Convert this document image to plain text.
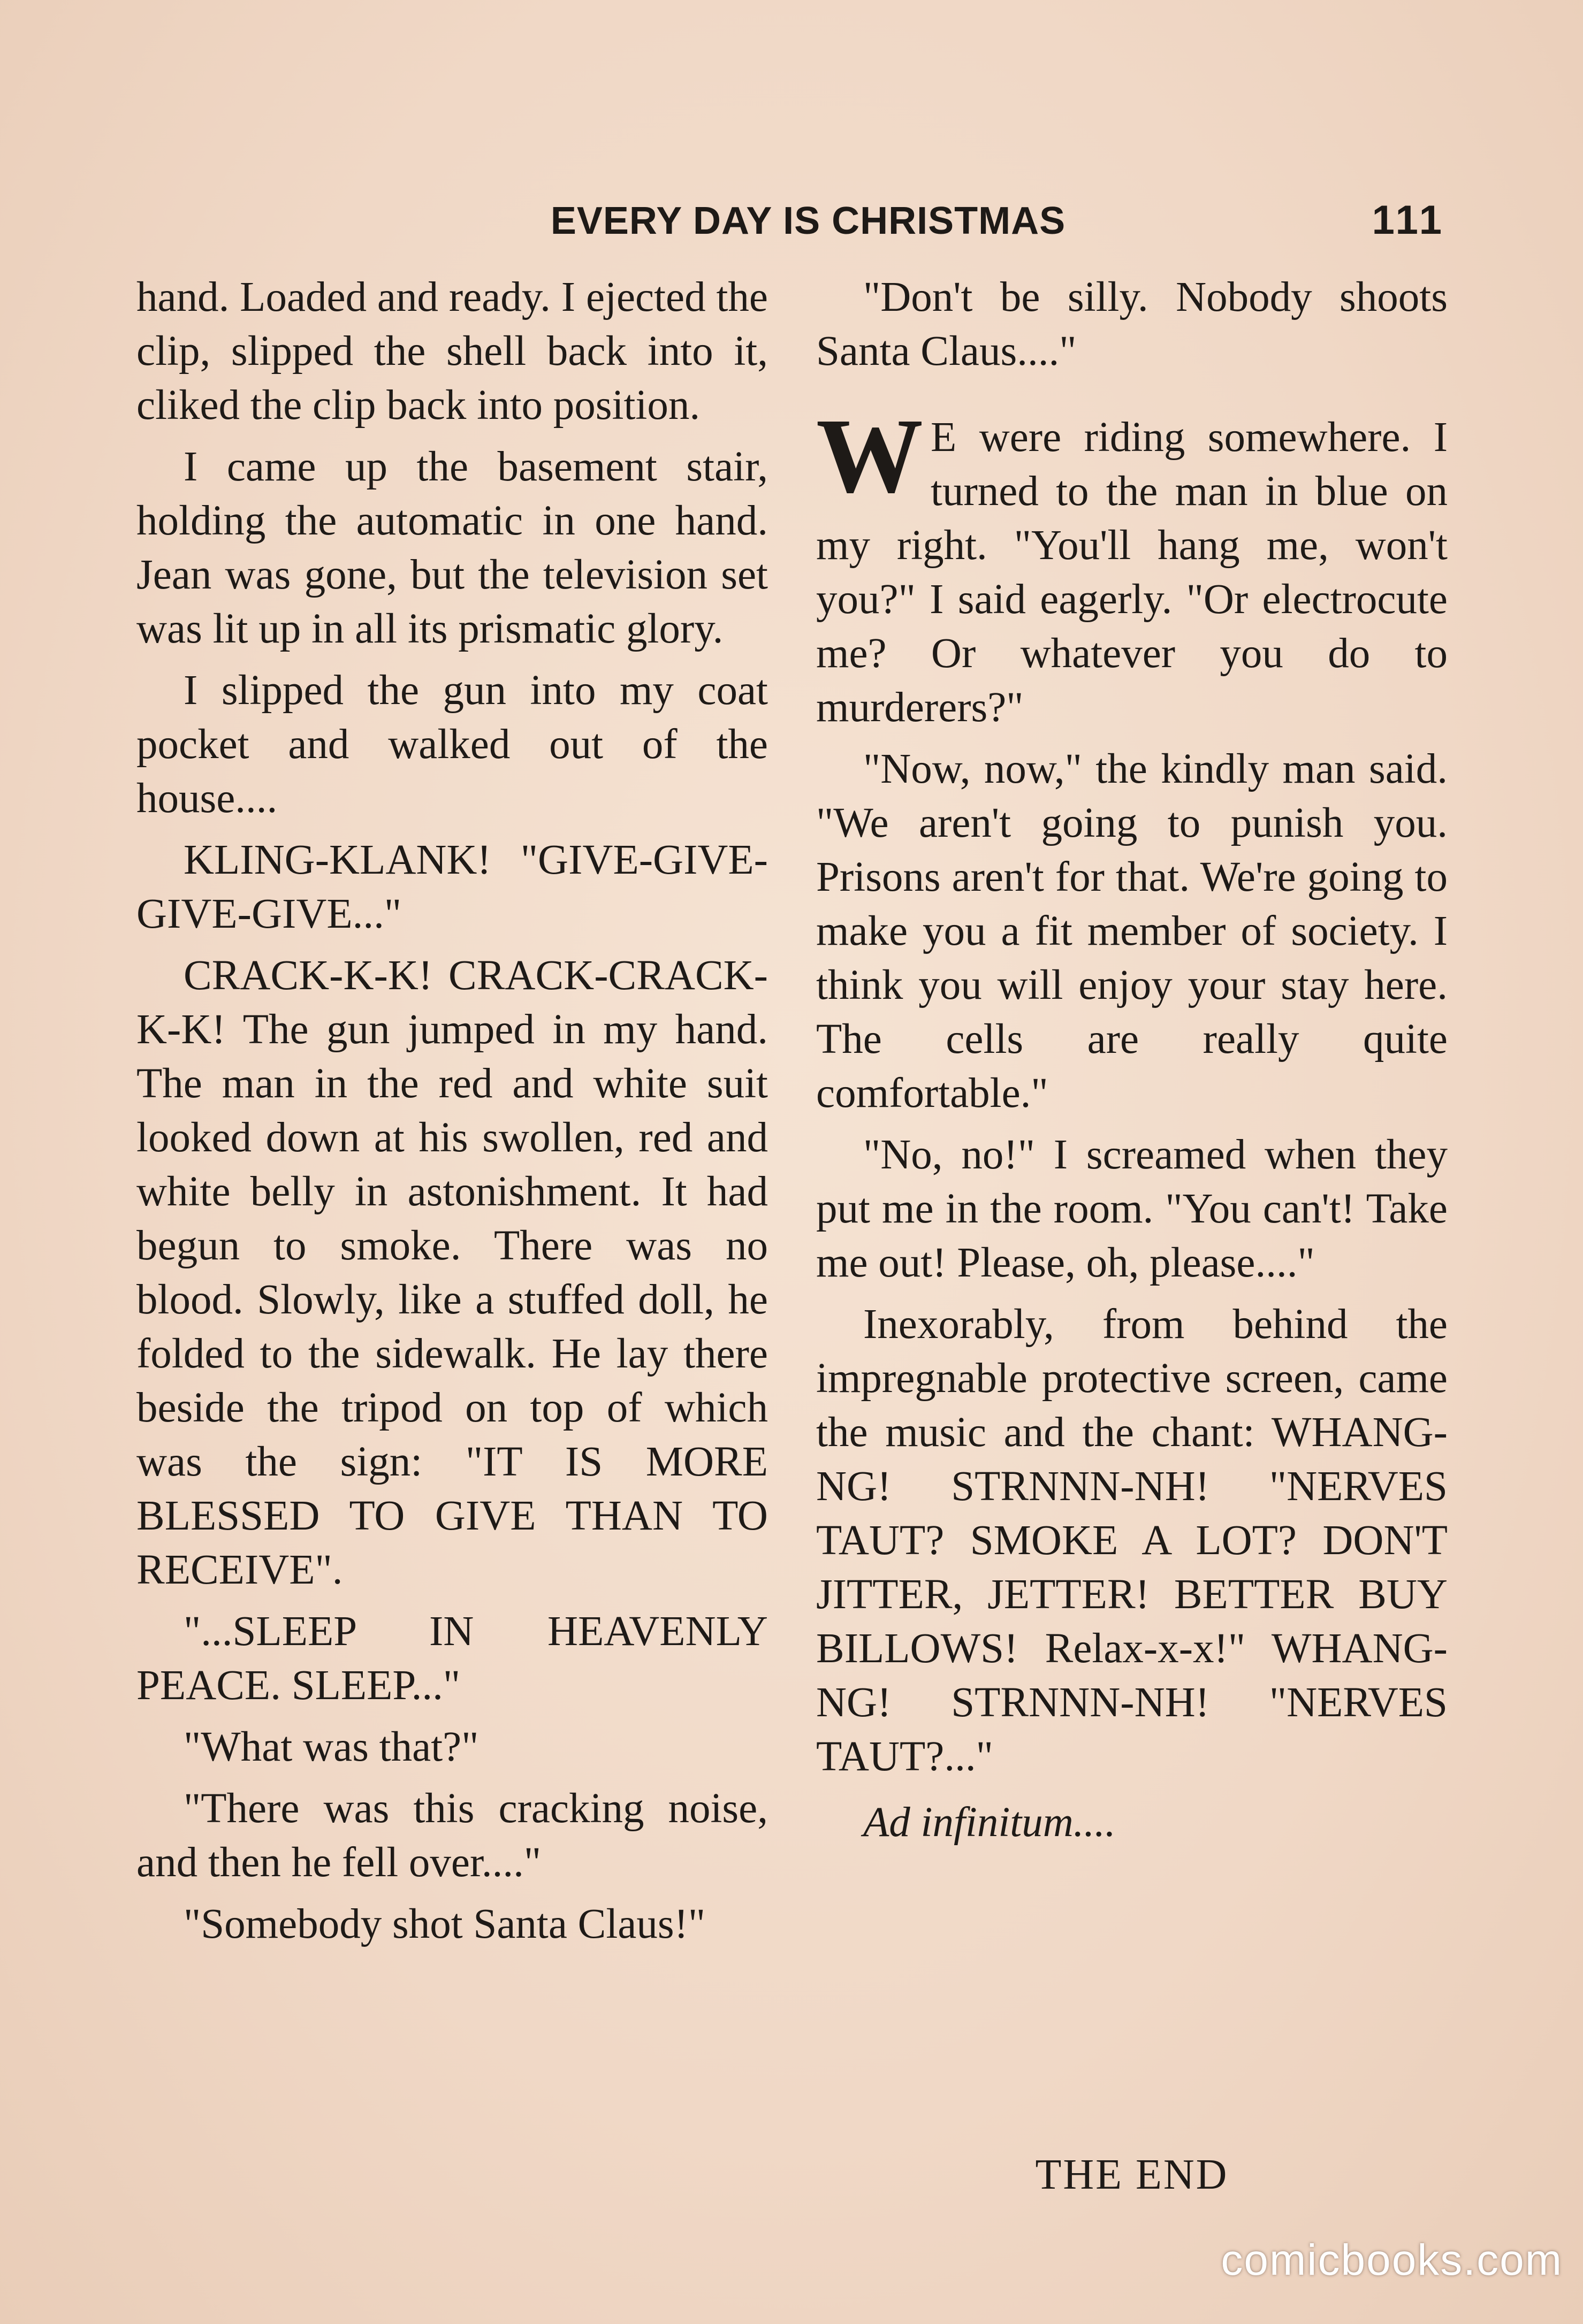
EVERY DAY IS CHRISTMAS	111

hand. Loaded and ready. I ejected the clip, slipped the shell back into it, cliked the clip back into position.

I came up the basement stair, holding the automatic in one hand. Jean was gone, but the television set was lit up in all its prismatic glory.

I slipped the gun into my coat pocket and walked out of the house....

KLING-KLANK! "GIVE-GIVE-GIVE-GIVE..."

CRACK-K-K! CRACK-CRACK-K-K! The gun jumped in my hand. The man in the red and white suit looked down at his swollen, red and white belly in astonishment. It had begun to smoke. There was no blood. Slowly, like a stuffed doll, he folded to the sidewalk. He lay there beside the tripod on top of which was the sign: "IT IS MORE BLESSED TO GIVE THAN TO RECEIVE".

"...SLEEP IN HEAVENLY PEACE. SLEEP..."

"What was that?"

"There was this cracking noise, and then he fell over...."

"Somebody shot Santa Claus!"

"Don't be silly. Nobody shoots Santa Claus...."

W E were riding somewhere. I turned to the man in blue on my right. "You'll hang me, won't you?" I said eagerly. "Or electrocute me? Or whatever you do to murderers?"

"Now, now," the kindly man said. "We aren't going to punish you. Prisons aren't for that. We're going to make you a fit member of society. I think you will enjoy your stay here. The cells are really quite comfortable."

"No, no!" I screamed when they put me in the room. "You can't! Take me out! Please, oh, please...."

Inexorably, from behind the impregnable protective screen, came the music and the chant: WHANG-NG! STRNNN-NH! "NERVES TAUT? SMOKE A LOT? DON'T JITTER, JETTER! BETTER BUY BILLOWS! Relax-x-x!" WHANG-NG! STRNNN-NH! "NERVES TAUT?..."

Ad infinitum....

THE END
comicbooks.com
